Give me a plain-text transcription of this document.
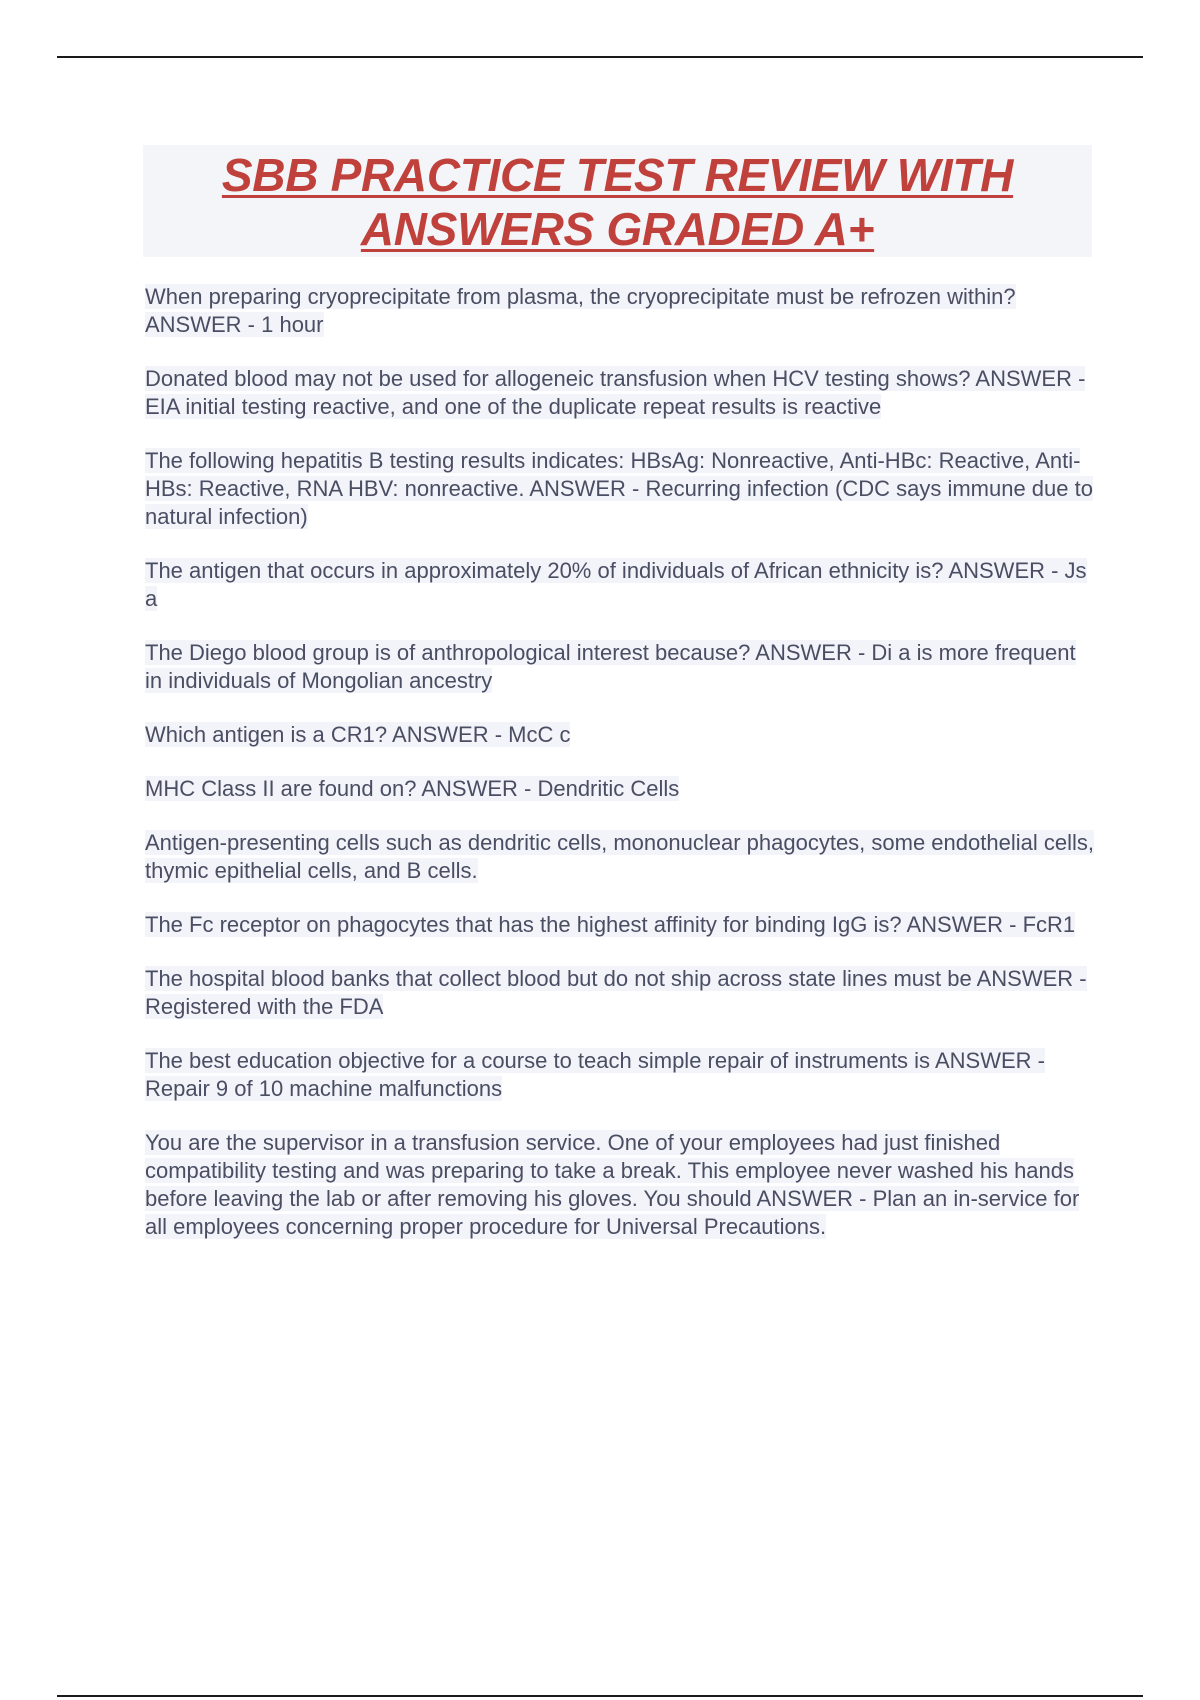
SBB PRACTICE TEST REVIEW WITH
ANSWERS GRADED A+

When preparing cryoprecipitate from plasma, the cryoprecipitate must be refrozen within? ANSWER - 1 hour

Donated blood may not be used for allogeneic transfusion when HCV testing shows? ANSWER - EIA initial testing reactive, and one of the duplicate repeat results is reactive

The following hepatitis B testing results indicates: HBsAg: Nonreactive, Anti-HBc: Reactive, Anti-HBs: Reactive, RNA HBV: nonreactive. ANSWER - Recurring infection (CDC says immune due to natural infection)

The antigen that occurs in approximately 20% of individuals of African ethnicity is? ANSWER - Js a

The Diego blood group is of anthropological interest because? ANSWER - Di a is more frequent in individuals of Mongolian ancestry

Which antigen is a CR1? ANSWER - McC c

MHC Class II are found on? ANSWER - Dendritic Cells

Antigen-presenting cells such as dendritic cells, mononuclear phagocytes, some endothelial cells, thymic epithelial cells, and B cells.

The Fc receptor on phagocytes that has the highest affinity for binding IgG is? ANSWER - FcR1

The hospital blood banks that collect blood but do not ship across state lines must be ANSWER - Registered with the FDA

The best education objective for a course to teach simple repair of instruments is ANSWER - Repair 9 of 10 machine malfunctions

You are the supervisor in a transfusion service. One of your employees had just finished compatibility testing and was preparing to take a break. This employee never washed his hands before leaving the lab or after removing his gloves. You should ANSWER - Plan an in-service for all employees concerning proper procedure for Universal Precautions.
